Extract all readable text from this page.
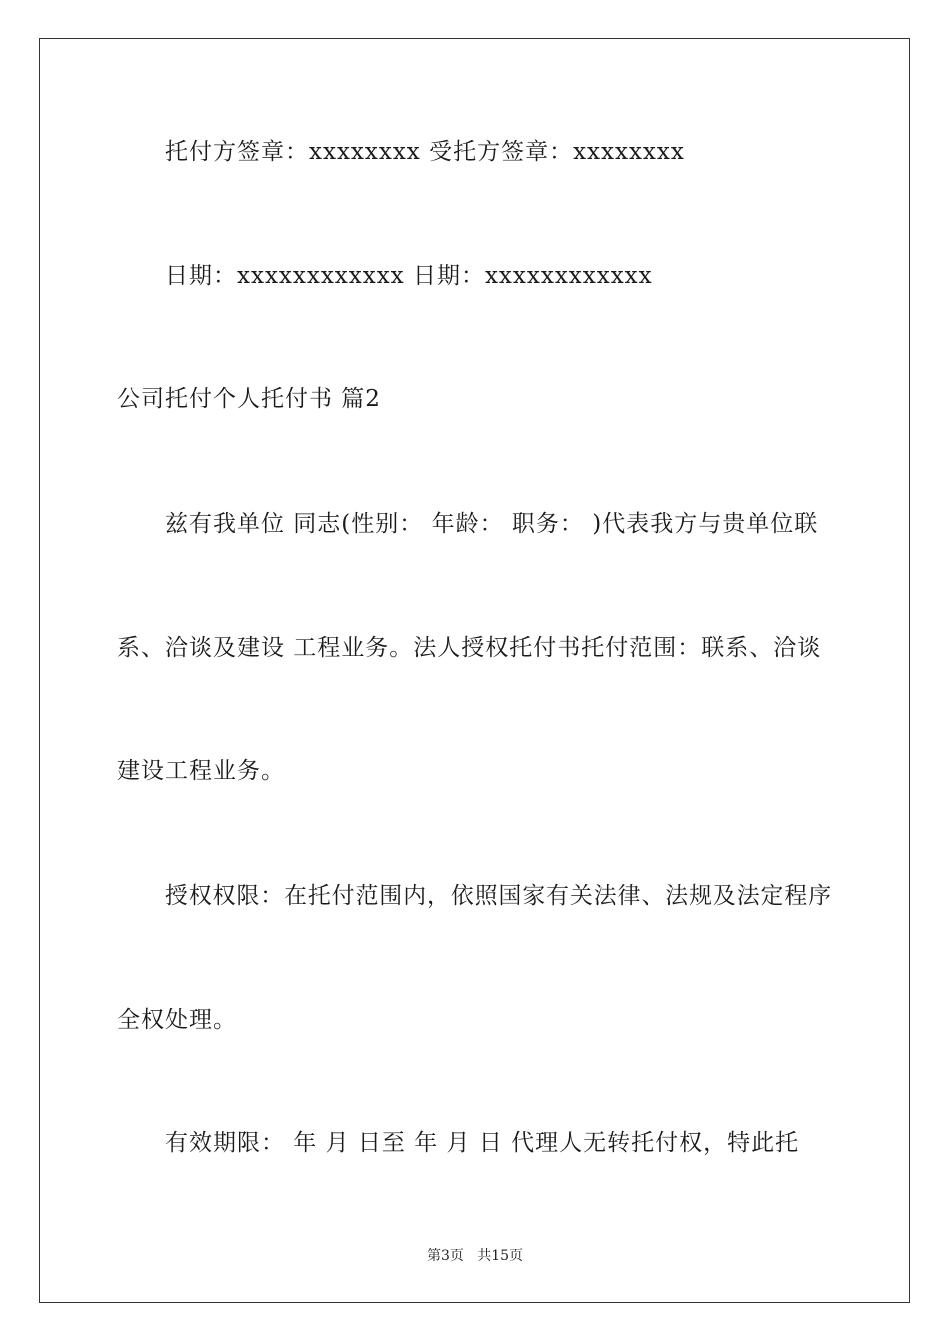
托付方签章：xxxxxxxx 受托方签章：xxxxxxxx
日期：xxxxxxxxxxxx 日期：xxxxxxxxxxxx
公司托付个人托付书 篇2
兹有我单位 同志(性别： 年龄： 职务： )代表我方与贵单位联
系、洽谈及建设 工程业务。法人授权托付书托付范围：联系、洽谈
建设工程业务。
授权权限：在托付范围内，依照国家有关法律、法规及法定程序
全权处理。
有效期限： 年 月 日至 年 月 日 代理人无转托付权，特此托
第3页   共15页
